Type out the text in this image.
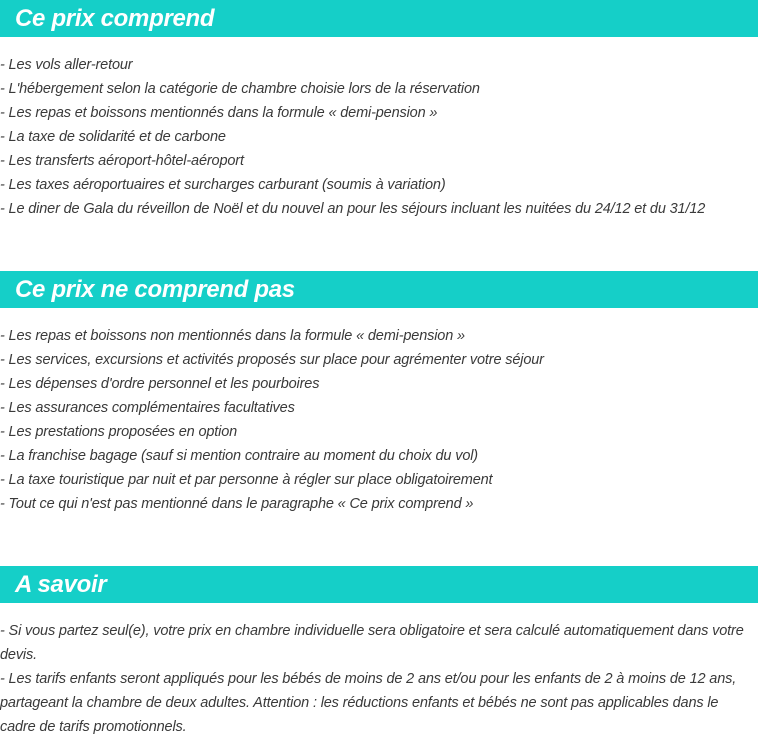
Ce prix comprend
- Les vols aller-retour
- L'hébergement selon la catégorie de chambre choisie lors de la réservation
- Les repas et boissons mentionnés dans la formule « demi-pension »
- La taxe de solidarité et de carbone
- Les transferts aéroport-hôtel-aéroport
- Les taxes aéroportuaires et surcharges carburant (soumis à variation)
- Le diner de Gala du réveillon de Noël et du nouvel an pour les séjours incluant les nuitées du 24/12 et du 31/12
Ce prix ne comprend pas
- Les repas et boissons non mentionnés dans la formule « demi-pension »
- Les services, excursions et activités proposés sur place pour agrémenter votre séjour
- Les dépenses d'ordre personnel et les pourboires
- Les assurances complémentaires facultatives
- Les prestations proposées en option
- La franchise bagage (sauf si mention contraire au moment du choix du vol)
- La taxe touristique par nuit et par personne à régler sur place obligatoirement
- Tout ce qui n'est pas mentionné dans le paragraphe « Ce prix comprend »
A savoir

- Si vous partez seul(e), votre prix en chambre individuelle sera obligatoire et sera calculé automatiquement dans votre devis.

- Les tarifs enfants seront appliqués pour les bébés de moins de 2 ans et/ou pour les enfants de 2 à moins de 12 ans, partageant la chambre de deux adultes. Attention : les réductions enfants et bébés ne sont pas applicables dans le cadre de tarifs promotionnels.
